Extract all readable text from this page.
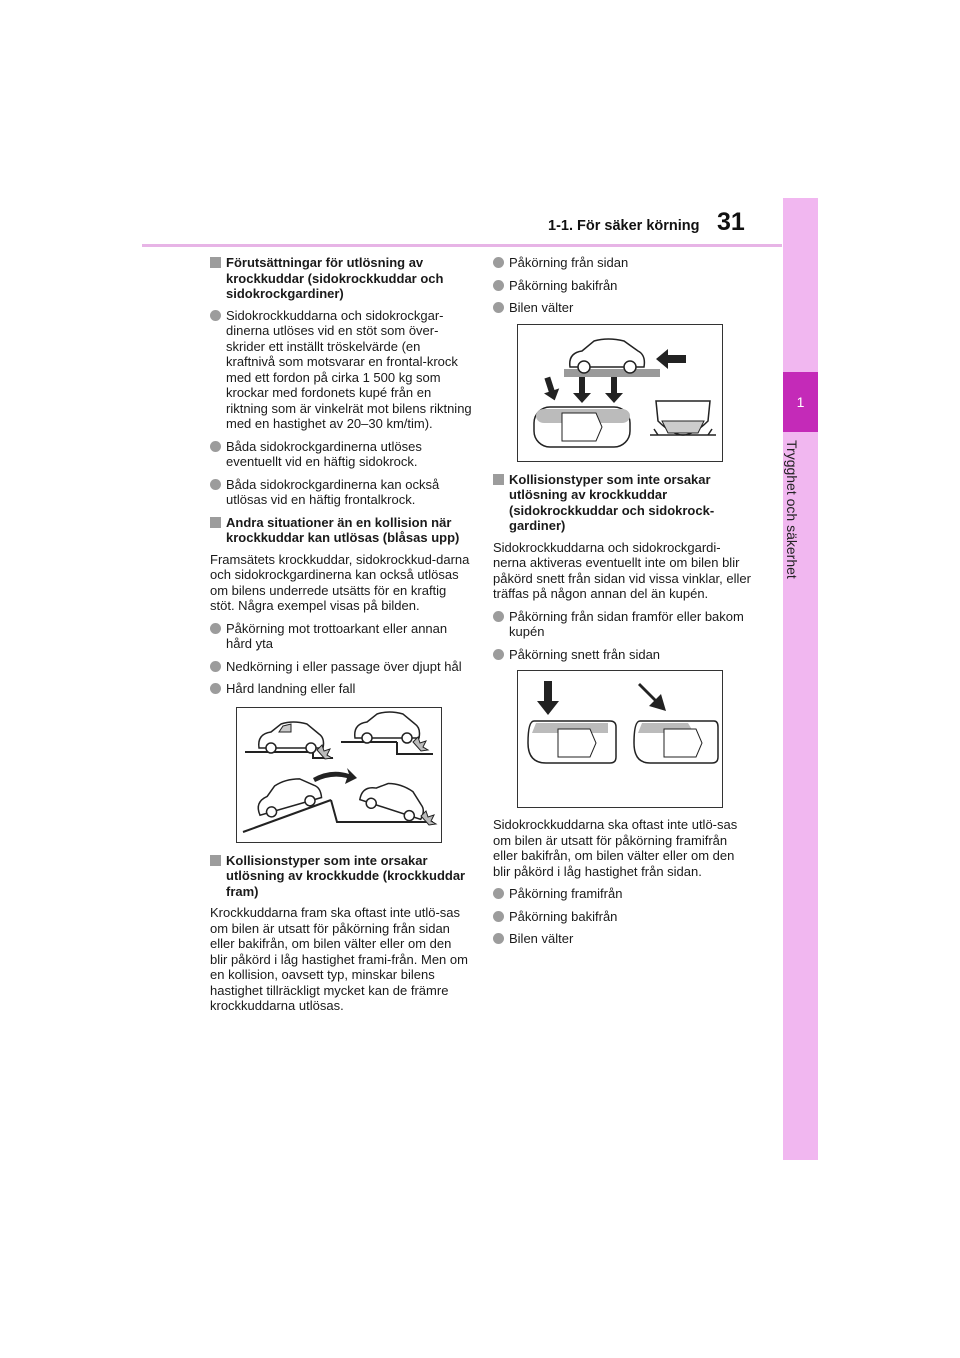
1-1. För säker körning 31
1
Trygghet och säkerhet
Förutsättningar för utlösning av krockkuddar (sidokrockkuddar och sidokrockgardiner)
Sidokrockkuddarna och sidokrockgar-dinerna utlöses vid en stöt som över-skrider ett inställt tröskelvärde (en kraftnivå som motsvarar en frontal-krock med ett fordon på cirka 1 500 kg som krockar med fordonets kupé från en riktning som är vinkelrät mot bilens riktning med en hastighet av 20–30 km/tim).
Båda sidokrockgardinerna utlöses eventuellt vid en häftig sidokrock.
Båda sidokrockgardinerna kan också utlösas vid en häftig frontalkrock.
Andra situationer än en kollision när krockkuddar kan utlösas (blåsas upp)
Framsätets krockkuddar, sidokrockkud-darna och sidokrockgardinerna kan också utlösas om bilens underrede utsätts för en kraftig stöt. Några exempel visas på bilden.
Påkörning mot trottoarkant eller annan hård yta
Nedkörning i eller passage över djupt hål
Hård landning eller fall
Kollisionstyper som inte orsakar utlösning av krockkudde (krockkuddar fram)
Krockkuddarna fram ska oftast inte utlö-sas om bilen är utsatt för påkörning från sidan eller bakifrån, om bilen välter eller om den blir påkörd i låg hastighet frami-från. Men om en kollision, oavsett typ, minskar bilens hastighet tillräckligt mycket kan de främre krockkuddarna utlösas.
Påkörning från sidan
Påkörning bakifrån
Bilen välter
Kollisionstyper som inte orsakar utlösning av krockkuddar (sidokrockkuddar och sidokrock-gardiner)
Sidokrockkuddarna och sidokrockgardi-nerna aktiveras eventuellt inte om bilen blir påkörd snett från sidan vid vissa vinklar, eller träffas på någon annan del än kupén.
Påkörning från sidan framför eller bakom kupén
Påkörning snett från sidan
Sidokrockkuddarna ska oftast inte utlö-sas om bilen är utsatt för påkörning framifrån eller bakifrån, om bilen välter eller om den blir påkörd i låg hastighet från sidan.
Påkörning framifrån
Påkörning bakifrån
Bilen välter
